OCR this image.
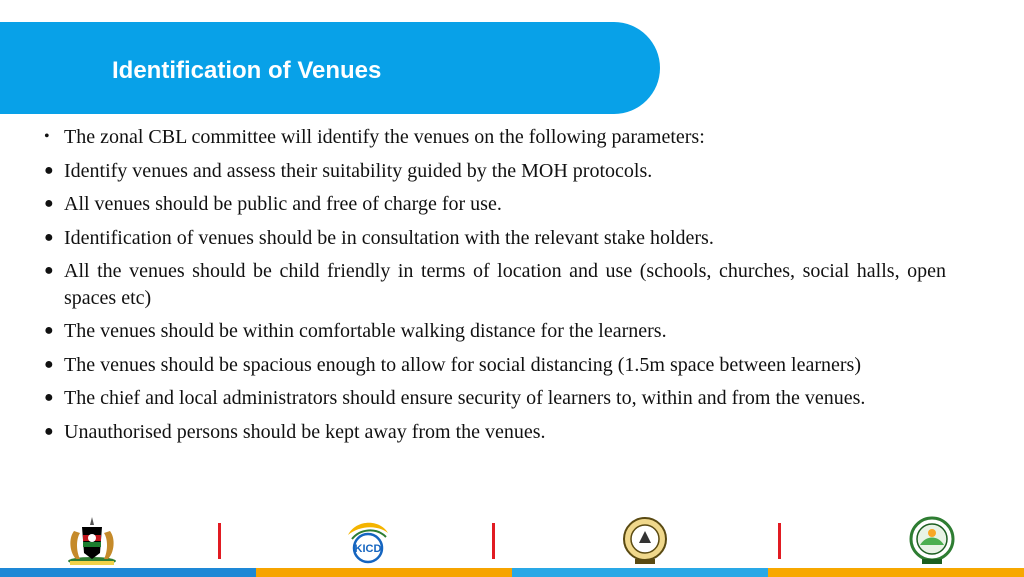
Identification of Venues
• The zonal CBL committee will identify the venues on the following parameters:
● Identify venues and assess their suitability guided by the MOH protocols.
● All venues should be public and free of charge for use.
● Identification of venues should be in consultation with the relevant stake holders.
● All the venues should be child friendly in terms of location and use (schools, churches, social halls, open spaces etc)
● The venues should be within comfortable walking distance for the learners.
● The venues should be spacious enough to allow for social distancing (1.5m space between learners)
● The chief and local administrators should ensure security of learners to, within and from the venues.
● Unauthorised persons should be kept away from the venues.
KICD
